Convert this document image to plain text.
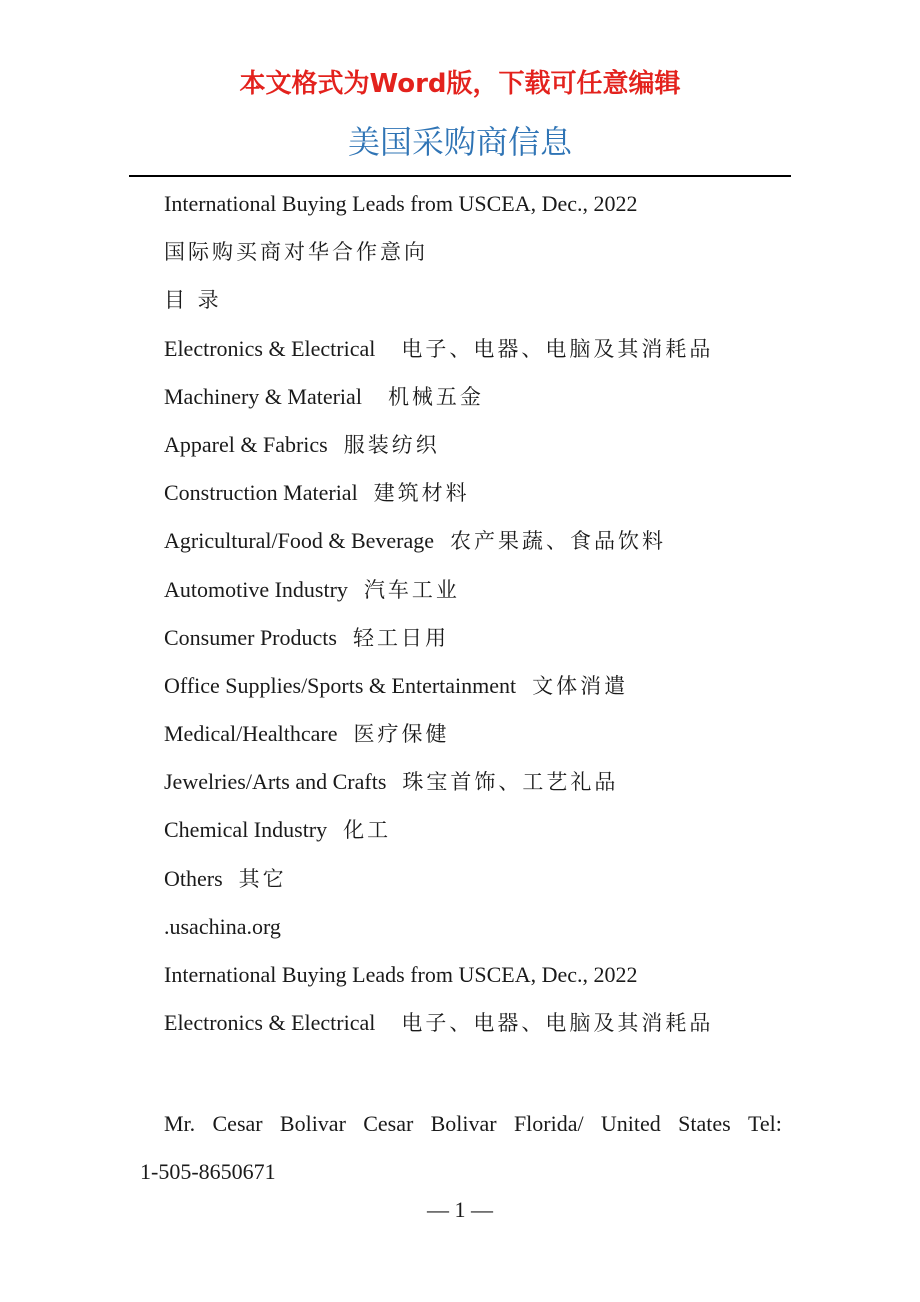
本文格式为Word版，下载可任意编辑
美国采购商信息
International Buying Leads from USCEA, Dec., 2022
国际购买商对华合作意向
目 录
Electronics & Electrical 电子、电器、电脑及其消耗品
Machinery & Material 机械五金
Apparel & Fabrics 服装纺织
Construction Material 建筑材料
Agricultural/Food & Beverage 农产果蔬、食品饮料
Automotive Industry 汽车工业
Consumer Products 轻工日用
Office Supplies/Sports & Entertainment 文体消遣
Medical/Healthcare 医疗保健
Jewelries/Arts and Crafts 珠宝首饰、工艺礼品
Chemical Industry 化工
Others 其它
.usachina.org
International Buying Leads from USCEA, Dec., 2022
Electronics & Electrical 电子、电器、电脑及其消耗品
Mr. Cesar Bolivar Cesar Bolivar Florida/ United States Tel:
1-505-8650671
— 1 —
